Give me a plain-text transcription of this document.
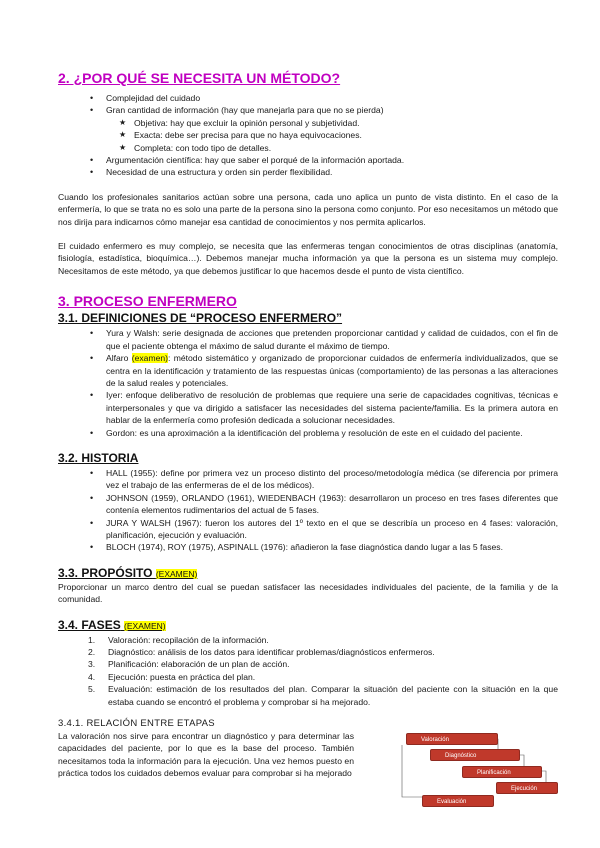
2. ¿POR QUÉ SE NECESITA UN MÉTODO?
• Complejidad del cuidado
• Gran cantidad de información (hay que manejarla para que no se pierda)
★ Objetiva: hay que excluir la opinión personal y subjetividad.
★ Exacta: debe ser precisa para que no haya equivocaciones.
★ Completa: con todo tipo de detalles.
• Argumentación científica: hay que saber el porqué de la información aportada.
• Necesidad de una estructura y orden sin perder flexibilidad.

Cuando los profesionales sanitarios actúan sobre una persona, cada uno aplica un punto de vista distinto. En el caso de la enfermería, lo que se trata no es solo una parte de la persona sino la persona como conjunto. Por eso necesitamos un método que nos dirija para indicarnos cómo manejar esa cantidad de conocimientos y nos permita aplicarlos.

El cuidado enfermero es muy complejo, se necesita que las enfermeras tengan conocimientos de otras disciplinas (anatomía, fisiología, estadística, bioquímica…). Debemos manejar mucha información ya que la persona es un sistema muy complejo. Necesitamos de este método, ya que debemos justificar lo que hacemos desde el punto de vista científico.

3. PROCESO ENFERMERO
3.1. DEFINICIONES DE “PROCESO ENFERMERO”
• Yura y Walsh: serie designada de acciones que pretenden proporcionar cantidad y calidad de cuidados, con el fin de que el paciente obtenga el máximo de salud durante el máximo de tiempo.
• Alfaro (examen): método sistemático y organizado de proporcionar cuidados de enfermería individualizados, que se centra en la identificación y tratamiento de las respuestas únicas (comportamiento) de las personas a las alteraciones de la salud reales y potenciales.
• Iyer: enfoque deliberativo de resolución de problemas que requiere una serie de capacidades cognitivas, técnicas e interpersonales y que va dirigido a satisfacer las necesidades del sistema paciente/familia. Es la primera autora en hablar de la enfermería como profesión dedicada a solucionar necesidades.
• Gordon: es una aproximación a la identificación del problema y resolución de este en el cuidado del paciente.
3.2. HISTORIA
• HALL (1955): define por primera vez un proceso distinto del proceso/metodología médica (se diferencia por primera vez el trabajo de las enfermeras de el de los médicos).
• JOHNSON (1959), ORLANDO (1961), WIEDENBACH (1963): desarrollaron un proceso en tres fases diferentes que contenía elementos rudimentarios del actual de 5 fases.
• JURA Y WALSH (1967): fueron los autores del 1º texto en el que se describía un proceso en 4 fases: valoración, planificación, ejecución y evaluación.
• BLOCH (1974), ROY (1975), ASPINALL (1976): añadieron la fase diagnóstica dando lugar a las 5 fases.
3.3. PROPÓSITO (EXAMEN)

Proporcionar un marco dentro del cual se puedan satisfacer las necesidades individuales del paciente, de la familia y de la comunidad.

3.4. FASES (EXAMEN)
1. Valoración: recopilación de la información.
2. Diagnóstico: análisis de los datos para identificar problemas/diagnósticos enfermeros.
3. Planificación: elaboración de un plan de acción.
4. Ejecución: puesta en práctica del plan.
5. Evaluación: estimación de los resultados del plan. Comparar la situación del paciente con la situación en la que estaba cuando se encontró el problema y comprobar si ha mejorado.
3.4.1. RELACIÓN ENTRE ETAPAS

La valoración nos sirve para encontrar un diagnóstico y para determinar las capacidades del paciente, por lo que es la base del proceso. También necesitamos toda la información para la ejecución. Una vez hemos puesto en práctica todos los cuidados debemos evaluar para comprobar si ha mejorado

Valoración
Diagnóstico
Planificación
Ejecución
Evaluación
